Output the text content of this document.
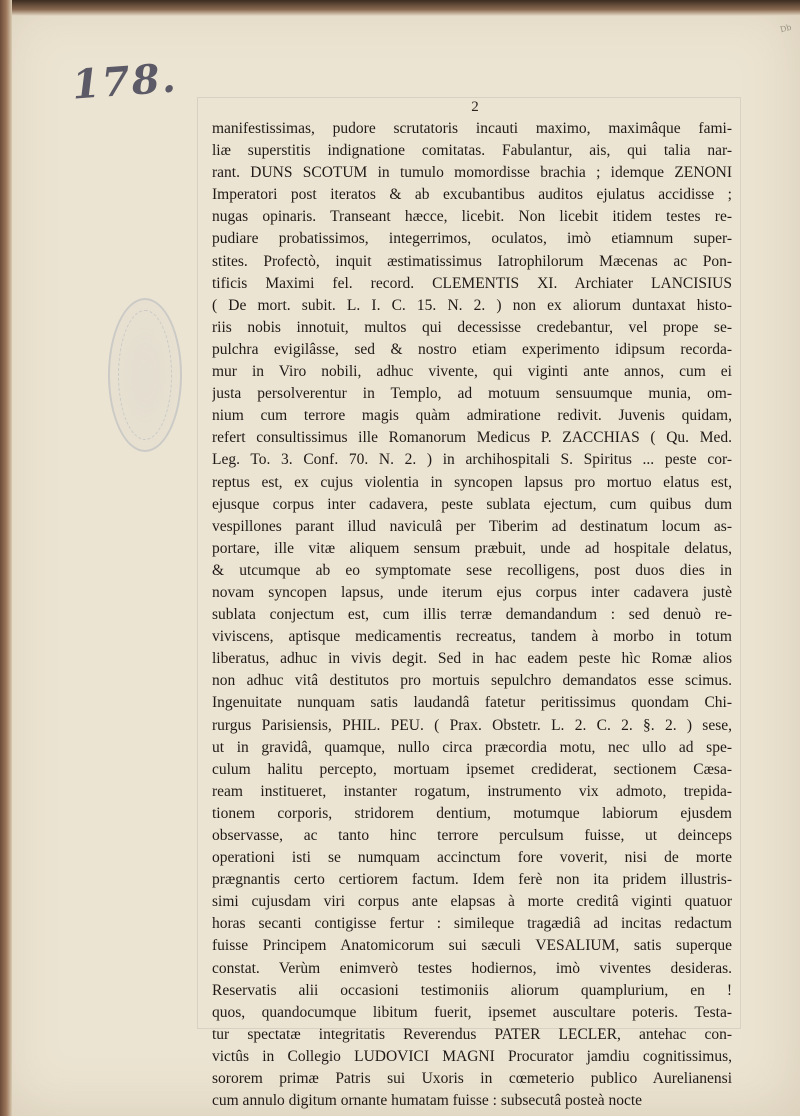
178.
Db
2
manifestissimas, pudore scrutatoris incauti maximo, maximâque fami-
liæ superstitis indignatione comitatas. Fabulantur, ais, qui talia nar-
rant. DUNS SCOTUM in tumulo momordisse brachia ; idemque ZENONI
Imperatori post iteratos & ab excubantibus auditos ejulatus accidisse ;
nugas opinaris. Transeant hæcce, licebit. Non licebit itidem testes re-
pudiare probatissimos, integerrimos, oculatos, imò etiamnum super-
stites. Profectò, inquit æstimatissimus Iatrophilorum Mæcenas ac Pon-
tificis Maximi fel. record. CLEMENTIS XI. Archiater LANCISIUS
( De mort. subit. L. I. C. 15. N. 2. ) non ex aliorum duntaxat histo-
riis nobis innotuit, multos qui decessisse credebantur, vel prope se-
pulchra evigilâsse, sed & nostro etiam experimento idipsum recorda-
mur in Viro nobili, adhuc vivente, qui viginti ante annos, cum ei
justa persolverentur in Templo, ad motuum sensuumque munia, om-
nium cum terrore magis quàm admiratione redivit. Juvenis quidam,
refert consultissimus ille Romanorum Medicus P. ZACCHIAS ( Qu. Med.
Leg. To. 3. Conf. 70. N. 2. ) in archihospitali S. Spiritus ... peste cor-
reptus est, ex cujus violentia in syncopen lapsus pro mortuo elatus est,
ejusque corpus inter cadavera, peste sublata ejectum, cum quibus dum
vespillones parant illud naviculâ per Tiberim ad destinatum locum as-
portare, ille vitæ aliquem sensum præbuit, unde ad hospitale delatus,
& utcumque ab eo symptomate sese recolligens, post duos dies in
novam syncopen lapsus, unde iterum ejus corpus inter cadavera justè
sublata conjectum est, cum illis terræ demandandum : sed denuò re-
viviscens, aptisque medicamentis recreatus, tandem à morbo in totum
liberatus, adhuc in vivis degit. Sed in hac eadem peste hìc Romæ alios
non adhuc vitâ destitutos pro mortuis sepulchro demandatos esse scimus.
Ingenuitate nunquam satis laudandâ fatetur peritissimus quondam Chi-
rurgus Parisiensis, PHIL. PEU. ( Prax. Obstetr. L. 2. C. 2. §. 2. ) sese,
ut in gravidâ, quamque, nullo circa præcordia motu, nec ullo ad spe-
culum halitu percepto, mortuam ipsemet crediderat, sectionem Cæsa-
ream institueret, instanter rogatum, instrumento vix admoto, trepida-
tionem corporis, stridorem dentium, motumque labiorum ejusdem
observasse, ac tanto hinc terrore perculsum fuisse, ut deinceps
operationi isti se numquam accinctum fore voverit, nisi de morte
prægnantis certo certiorem factum. Idem ferè non ita pridem illustris-
simi cujusdam viri corpus ante elapsas à morte creditâ viginti quatuor
horas secanti contigisse fertur : simileque tragædiâ ad incitas redactum
fuisse Principem Anatomicorum sui sæculi VESALIUM, satis superque
constat. Verùm enimverò testes hodiernos, imò viventes desideras.
Reservatis alii occasioni testimoniis aliorum quamplurium, en !
quos, quandocumque libitum fuerit, ipsemet auscultare poteris. Testa-
tur spectatæ integritatis Reverendus PATER LECLER, antehac con-
victûs in Collegio LUDOVICI MAGNI Procurator jamdiu cognitissimus,
sororem primæ Patris sui Uxoris in cœmeterio publico Aurelianensi
cum annulo digitum ornante humatam fuisse : subsecutâ posteà nocte
